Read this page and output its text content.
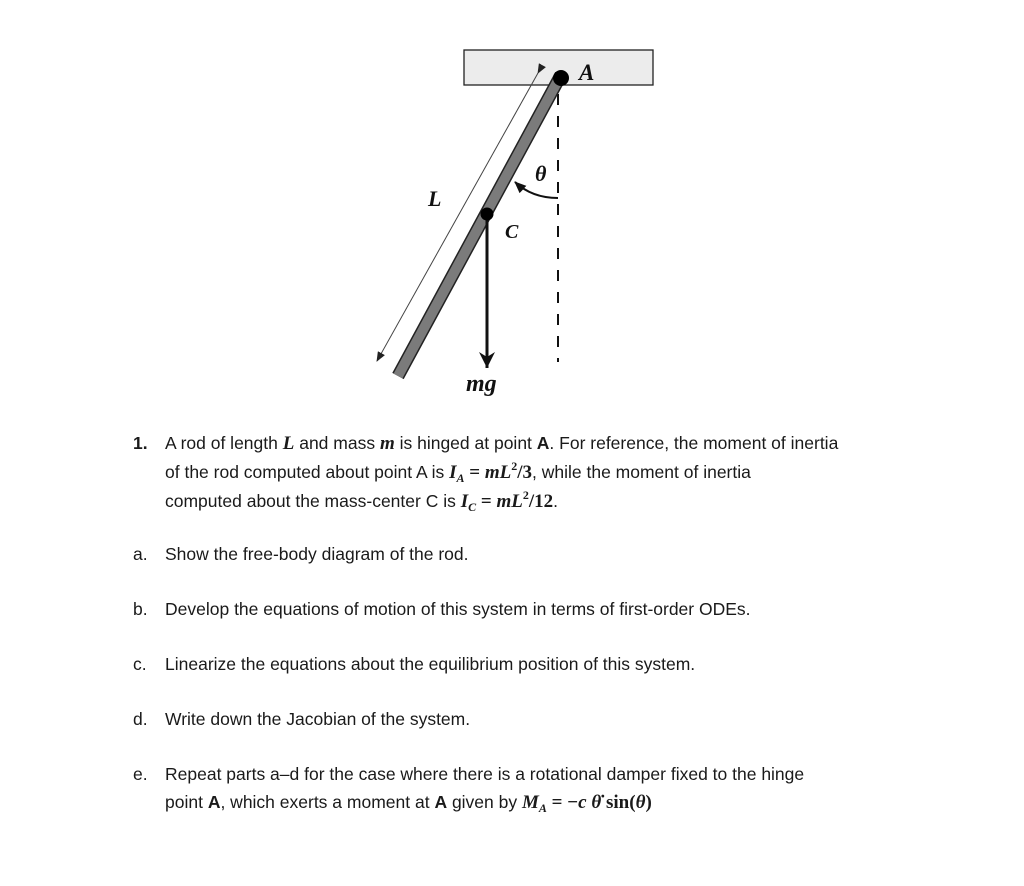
A
L
C
θ
mg
1. A rod of length L and mass m is hinged at point A. For reference, the moment of inertia
of the rod computed about point A is $I_A = mL^2/3$, while the moment of inertia
computed about the mass-center C is $I_C = mL^2/12$.
a. Show the free-body diagram of the rod.
b. Develop the equations of motion of this system in terms of first-order ODEs.
c. Linearize the equations about the equilibrium position of this system.
d. Write down the Jacobian of the system.
e. Repeat parts a–d for the case where there is a rotational damper fixed to the hinge
point A, which exerts a moment at A given by $M_A = -c$ θ̇ sin(θ)
